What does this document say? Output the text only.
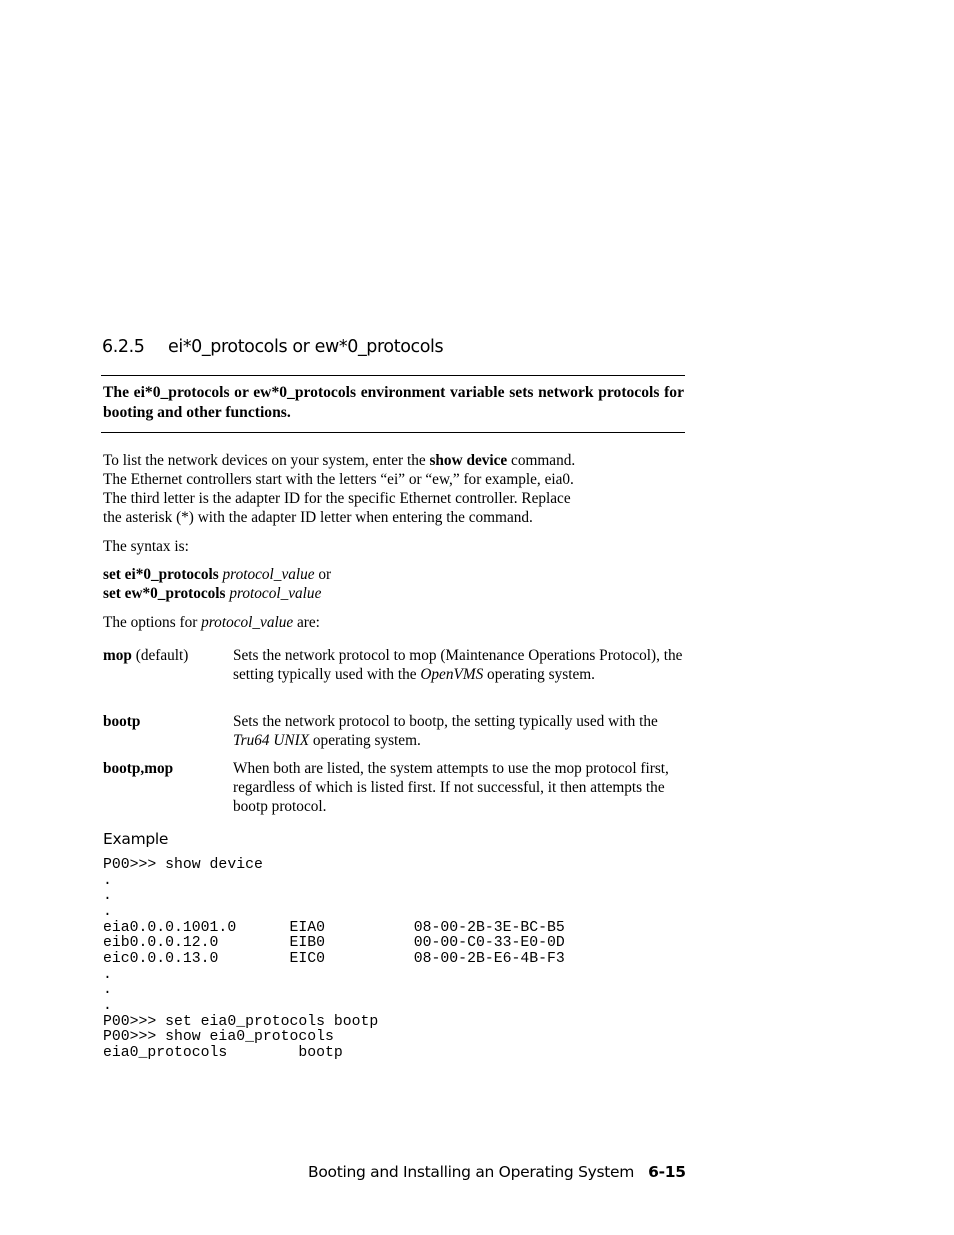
6.2.5 ei*0_protocols or ew*0_protocols
The ei*0_protocols or ew*0_protocols environment variable sets network protocols for booting and other functions.
To list the network devices on your system, enter the show device command.
The Ethernet controllers start with the letters “ei” or “ew,” for example, eia0.
The third letter is the adapter ID for the specific Ethernet controller. Replace
the asterisk (*) with the adapter ID letter when entering the command.
The syntax is:
set ei*0_protocols protocol_value or
set ew*0_protocols protocol_value
The options for protocol_value are:
mop (default)	Sets the network protocol to mop (Maintenance Operations Protocol), the setting typically used with the OpenVMS operating system.
bootp	Sets the network protocol to bootp, the setting typically used with the Tru64 UNIX operating system.
bootp,mop	When both are listed, the system attempts to use the mop protocol first, regardless of which is listed first. If not successful, it then attempts the bootp protocol.
Example
P00>>> show device
.
.
.
eia0.0.0.1001.0      EIA0          08-00-2B-3E-BC-B5
eib0.0.0.12.0        EIB0          00-00-C0-33-E0-0D
eic0.0.0.13.0        EIC0          08-00-2B-E6-4B-F3
.
.
.
P00>>> set eia0_protocols bootp
P00>>> show eia0_protocols
eia0_protocols        bootp
Booting and Installing an Operating System 6-15
